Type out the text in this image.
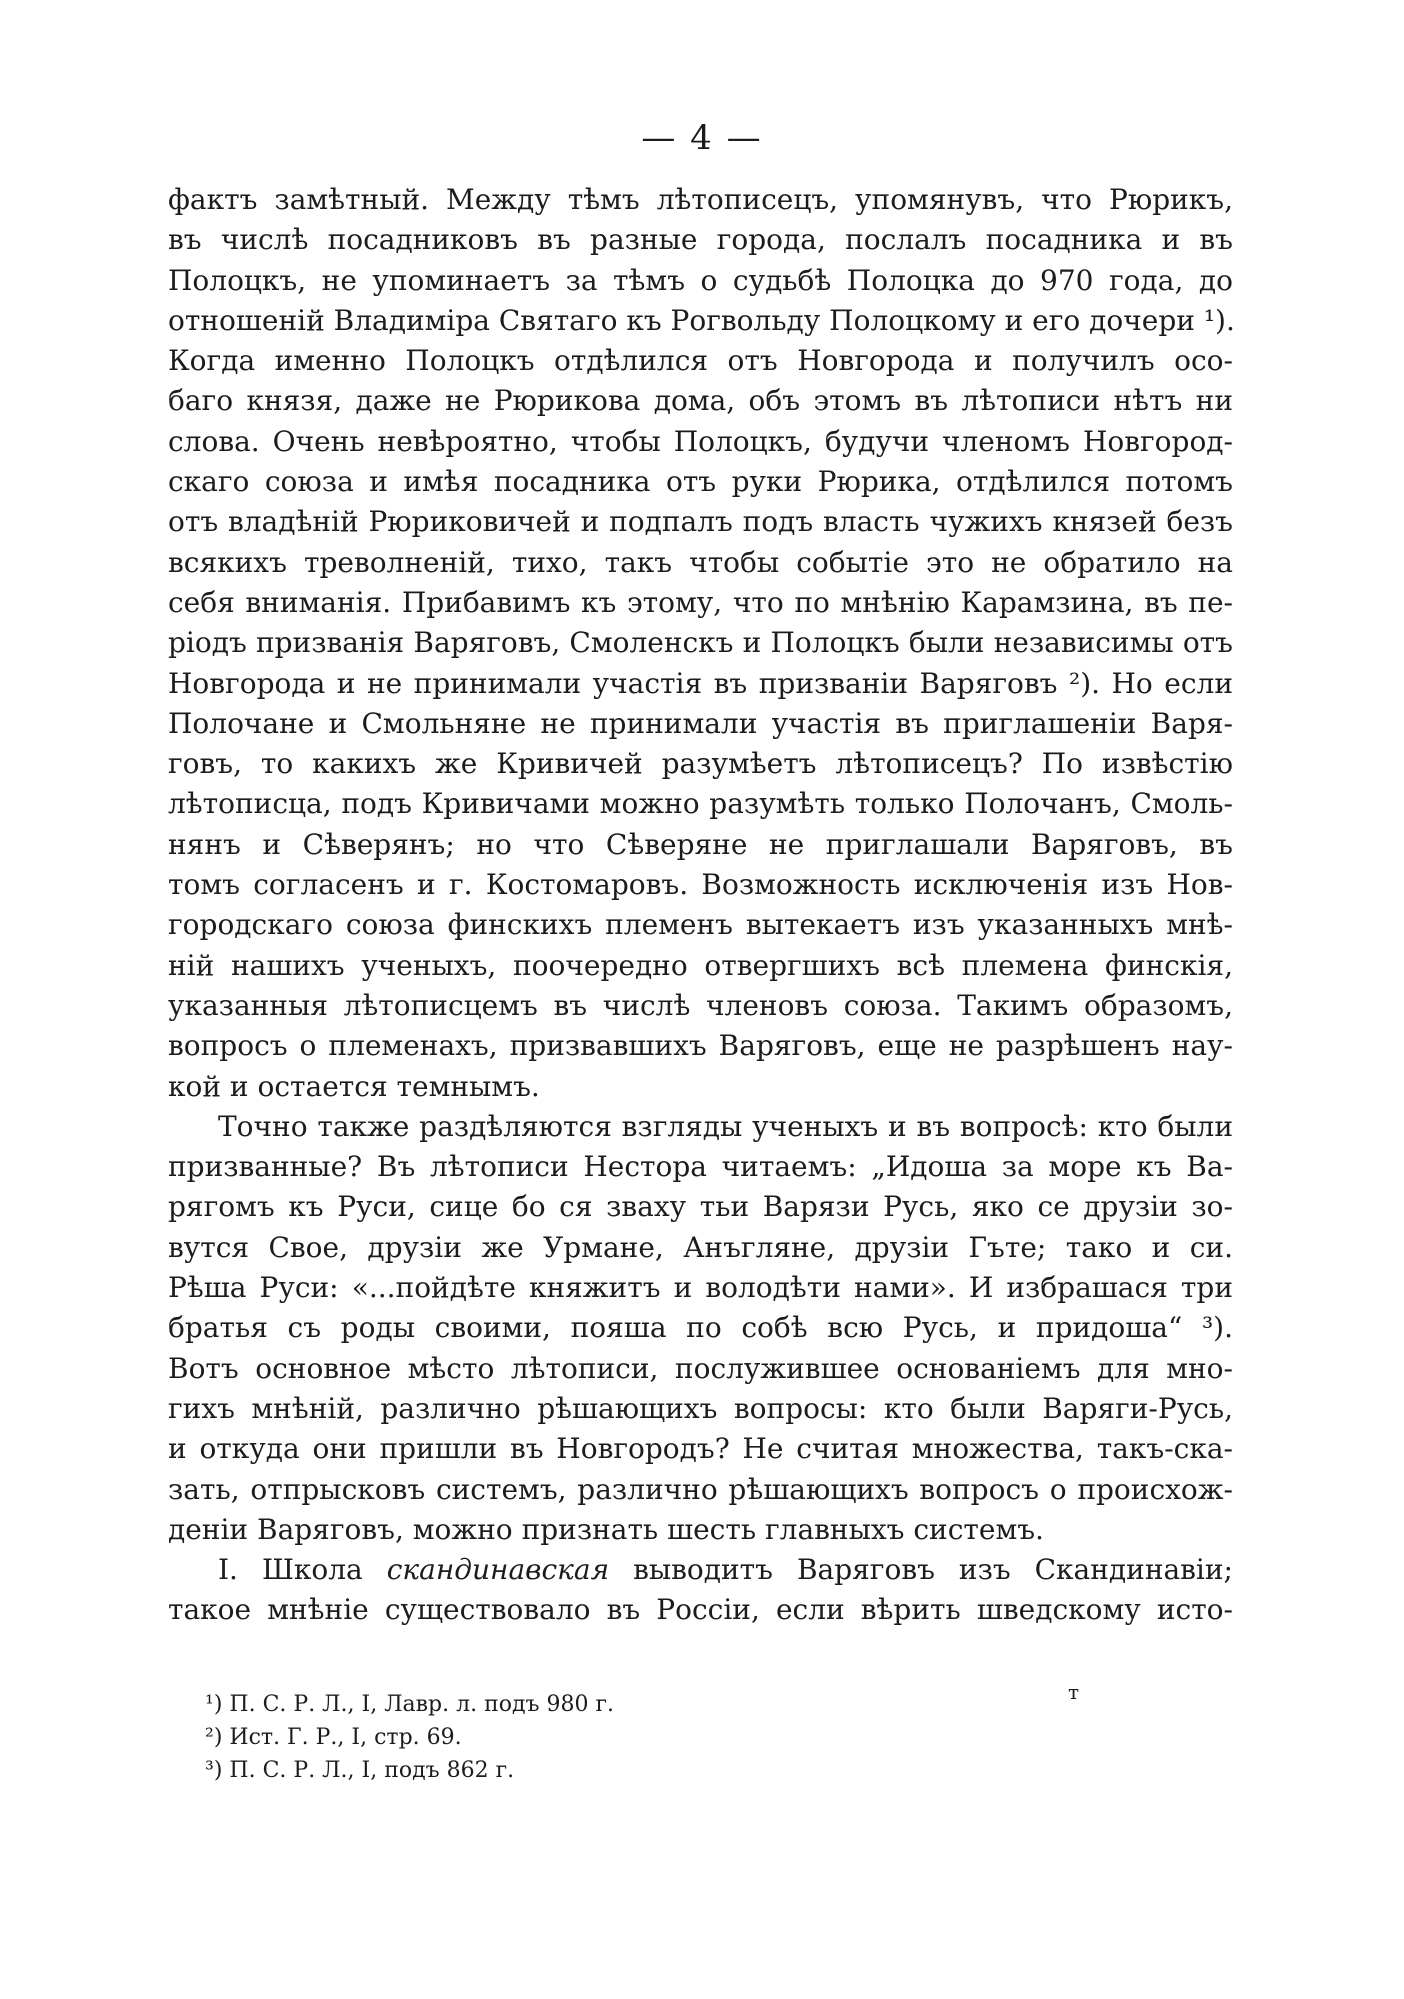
— 4 —
фактъ замѣтный. Между тѣмъ лѣтописецъ, упомянувъ, что Рюрикъ,
въ числѣ посадниковъ въ разные города, послалъ посадника и въ
Полоцкъ, не упоминаетъ за тѣмъ о судьбѣ Полоцка до 970 года, до
отношеній Владиміра Святаго къ Рогвольду Полоцкому и его дочери ¹).
Когда именно Полоцкъ отдѣлился отъ Новгорода и получилъ осо-
баго князя, даже не Рюрикова дома, объ этомъ въ лѣтописи нѣтъ ни
слова. Очень невѣроятно, чтобы Полоцкъ, будучи членомъ Новгород-
скаго союза и имѣя посадника отъ руки Рюрика, отдѣлился потомъ
отъ владѣній Рюриковичей и подпалъ подъ власть чужихъ князей безъ
всякихъ треволненій, тихо, такъ чтобы событіе это не обратило на
себя вниманія. Прибавимъ къ этому, что по мнѣнію Карамзина, въ пе-
ріодъ призванія Варяговъ, Смоленскъ и Полоцкъ были независимы отъ
Новгорода и не принимали участія въ призваніи Варяговъ ²). Но если
Полочане и Смольняне не принимали участія въ приглашеніи Варя-
говъ, то какихъ же Кривичей разумѣетъ лѣтописецъ? По извѣстію
лѣтописца, подъ Кривичами можно разумѣть только Полочанъ, Смоль-
нянъ и Сѣверянъ; но что Сѣверяне не приглашали Варяговъ, въ
томъ согласенъ и г. Костомаровъ. Возможность исключенія изъ Нов-
городскаго союза финскихъ племенъ вытекаетъ изъ указанныхъ мнѣ-
ній нашихъ ученыхъ, поочередно отвергшихъ всѣ племена финскія,
указанныя лѣтописцемъ въ числѣ членовъ союза. Такимъ образомъ,
вопросъ о племенахъ, призвавшихъ Варяговъ, еще не разрѣшенъ нау-
кой и остается темнымъ.
Точно также раздѣляются взгляды ученыхъ и въ вопросѣ: кто были
призванные? Въ лѣтописи Нестора читаемъ: „Идоша за море къ Ва-
рягомъ къ Руси, сице бо ся зваху тьи Варязи Русь, яко се друзіи зо-
вутся Свое, друзіи же Урмане, Анъгляне, друзіи Гъте; тако и си.
Рѣша Руси: «...пойдѣте княжитъ и володѣти нами». И избрашася три
братья съ роды своими, пояша по собѣ всю Русь, и придоша“ ³).
Вотъ основное мѣсто лѣтописи, послужившее основаніемъ для мно-
гихъ мнѣній, различно рѣшающихъ вопросы: кто были Варяги-Русь,
и откуда они пришли въ Новгородъ? Не считая множества, такъ-ска-
зать, отпрысковъ системъ, различно рѣшающихъ вопросъ о происхож-
деніи Варяговъ, можно признать шесть главныхъ системъ.
I. Школа скандинавская выводитъ Варяговъ изъ Скандинавіи;
такое мнѣніе существовало въ Россіи, если вѣрить шведскому исто-
т
¹) П. С. Р. Л., I, Лавр. л. подъ 980 г.
²) Ист. Г. Р., I, стр. 69.
³) П. С. Р. Л., I, подъ 862 г.
